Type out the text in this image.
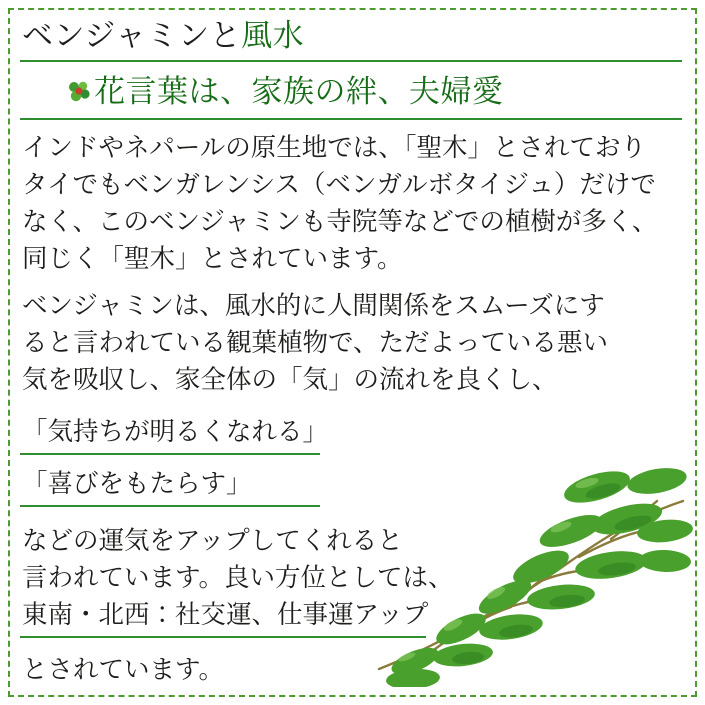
ベンジャミンと風水
花言葉は、家族の絆、夫婦愛
インドやネパールの原生地では、「聖木」とされており
タイでもベンガレンシス（ベンガルボタイジュ）だけで
なく、このベンジャミンも寺院等などでの植樹が多く、
同じく「聖木」とされています。
ベンジャミンは、風水的に人間関係をスムーズにす
ると言われている観葉植物で、ただよっている悪い
気を吸収し、家全体の「気」の流れを良くし、
「気持ちが明るくなれる」
「喜びをもたらす」
などの運気をアップしてくれると
言われています。良い方位としては、
東南・北西：社交運、仕事運アップ
とされています。
